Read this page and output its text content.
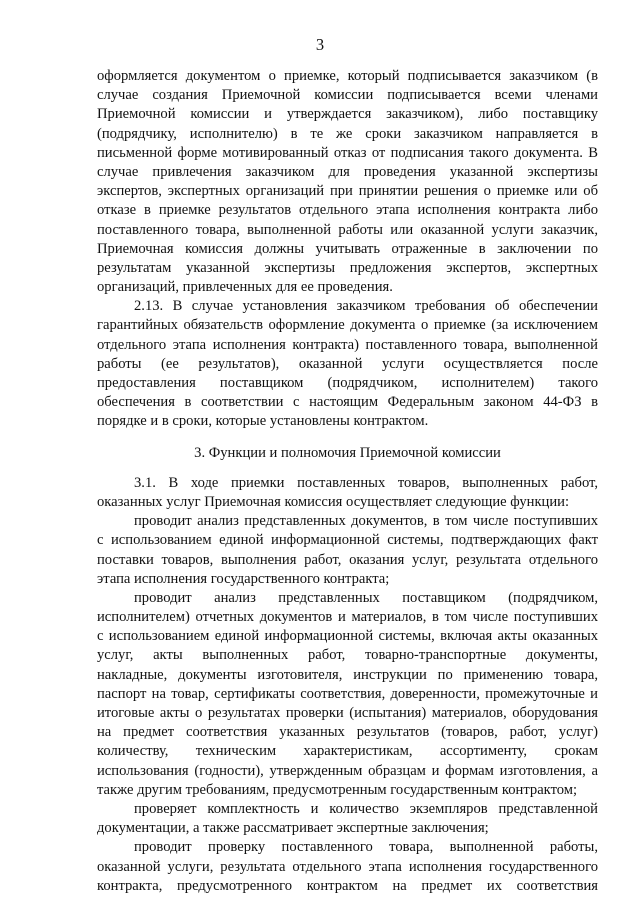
3
оформляется документом о приемке, который подписывается заказчиком (в
случае создания Приемочной комиссии подписывается всеми членами
Приемочной комиссии и утверждается заказчиком), либо поставщику
(подрядчику, исполнителю) в те же сроки заказчиком направляется в
письменной форме мотивированный отказ от подписания такого документа. В
случае привлечения заказчиком для проведения указанной экспертизы
экспертов, экспертных организаций при принятии решения о приемке или об
отказе в приемке результатов отдельного этапа исполнения контракта либо
поставленного товара, выполненной работы или оказанной услуги заказчик,
Приемочная комиссия должны учитывать отраженные в заключении по
результатам указанной экспертизы предложения экспертов, экспертных
организаций, привлеченных для ее проведения.
2.13. В случае установления заказчиком требования об обеспечении
гарантийных обязательств оформление документа о приемке (за исключением
отдельного этапа исполнения контракта) поставленного товара, выполненной
работы (ее результатов), оказанной услуги осуществляется после
предоставления поставщиком (подрядчиком, исполнителем) такого
обеспечения в соответствии с настоящим Федеральным законом 44-ФЗ в
порядке и в сроки, которые установлены контрактом.
3. Функции и полномочия Приемочной комиссии
3.1. В ходе приемки поставленных товаров, выполненных работ,
оказанных услуг Приемочная комиссия осуществляет следующие функции:
проводит анализ представленных документов, в том числе поступивших
с использованием единой информационной системы, подтверждающих факт
поставки товаров, выполнения работ, оказания услуг, результата отдельного
этапа исполнения государственного контракта;
проводит анализ представленных поставщиком (подрядчиком,
исполнителем) отчетных документов и материалов, в том числе поступивших
с использованием единой информационной системы, включая акты оказанных
услуг, акты выполненных работ, товарно-транспортные документы,
накладные, документы изготовителя, инструкции по применению товара,
паспорт на товар, сертификаты соответствия, доверенности, промежуточные и
итоговые акты о результатах проверки (испытания) материалов, оборудования
на предмет соответствия указанных результатов (товаров, работ, услуг)
количеству, техническим характеристикам, ассортименту, срокам
использования (годности), утвержденным образцам и формам изготовления, а
также другим требованиям, предусмотренным государственным контрактом;
проверяет комплектность и количество экземпляров представленной
документации, а также рассматривает экспертные заключения;
проводит проверку поставленного товара, выполненной работы,
оказанной услуги, результата отдельного этапа исполнения государственного
контракта, предусмотренного контрактом на предмет их соответствия
